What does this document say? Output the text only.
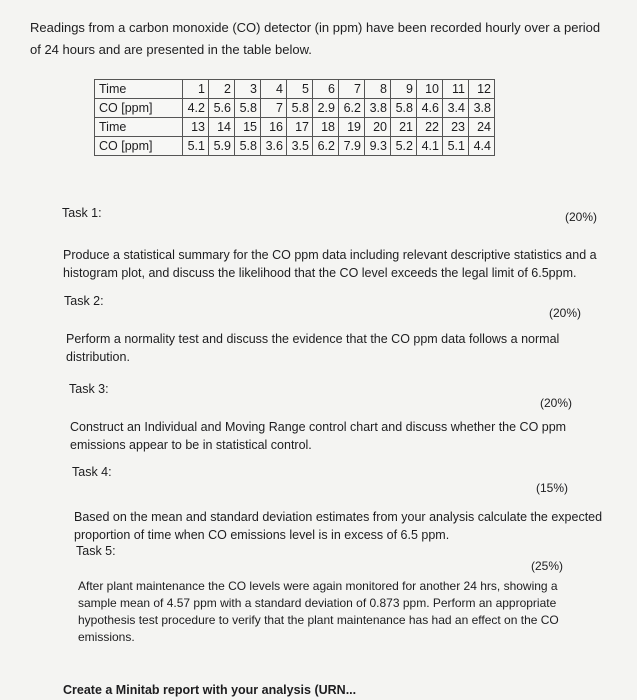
Readings from a carbon monoxide (CO) detector (in ppm) have been recorded hourly over a period
of 24 hours and are presented in the table below.
Time	1	2	3	4	5	6	7	8	9	10	11	12
CO [ppm]	4.2	5.6	5.8	7	5.8	2.9	6.2	3.8	5.8	4.6	3.4	3.8
Time	13	14	15	16	17	18	19	20	21	22	23	24
CO [ppm]	5.1	5.9	5.8	3.6	3.5	6.2	7.9	9.3	5.2	4.1	5.1	4.4
Task 1:	(20%)
Produce a statistical summary for the CO ppm data including relevant descriptive statistics and a
histogram plot, and discuss the likelihood that the CO level exceeds the legal limit of 6.5ppm.
Task 2:
(20%)
Perform a normality test and discuss the evidence that the CO ppm data follows a normal
distribution.
Task 3:
(20%)
Construct an Individual and Moving Range control chart and discuss whether the CO ppm
emissions appear to be in statistical control.
Task 4:
(15%)
Based on the mean and standard deviation estimates from your analysis calculate the expected
proportion of time when CO emissions level is in excess of 6.5 ppm.
Task 5:
(25%)
After plant maintenance the CO levels were again monitored for another 24 hrs, showing a
sample mean of 4.57 ppm with a standard deviation of 0.873 ppm. Perform an appropriate
hypothesis test procedure to verify that the plant maintenance has had an effect on the CO
emissions.
Create a Minitab report with your analysis (URN...
